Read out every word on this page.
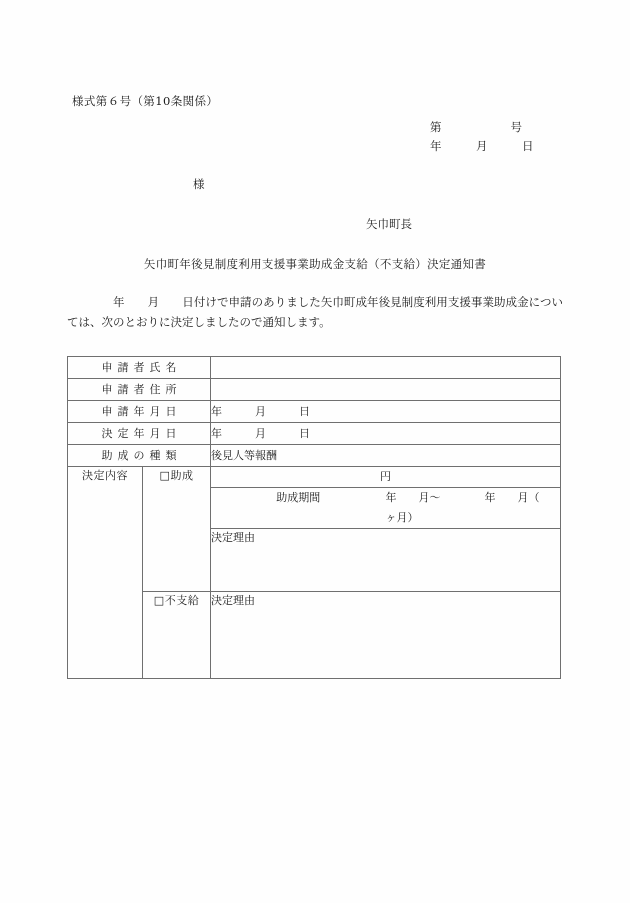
様式第６号（第10条関係）
第　　　　　　号
年　　　月　　　日
様
矢巾町長
矢巾町年後見制度利用支援事業助成金支給（不支給）決定通知書
年　　月　　日付けで申請のありました矢巾町成年後見制度利用支援事業助成金については、次のとおりに決定しましたので通知します。
申請者氏名	
申請者住所	
申請年月日	年　　　月　　　日
決定年月日	年　　　月　　　日
助成の種類	後見人等報酬
決定内容	□助成		円
助成期間	年　　月〜　　　　年　　月（　　ヶ月）
決定理由

□不支給	決定理由
